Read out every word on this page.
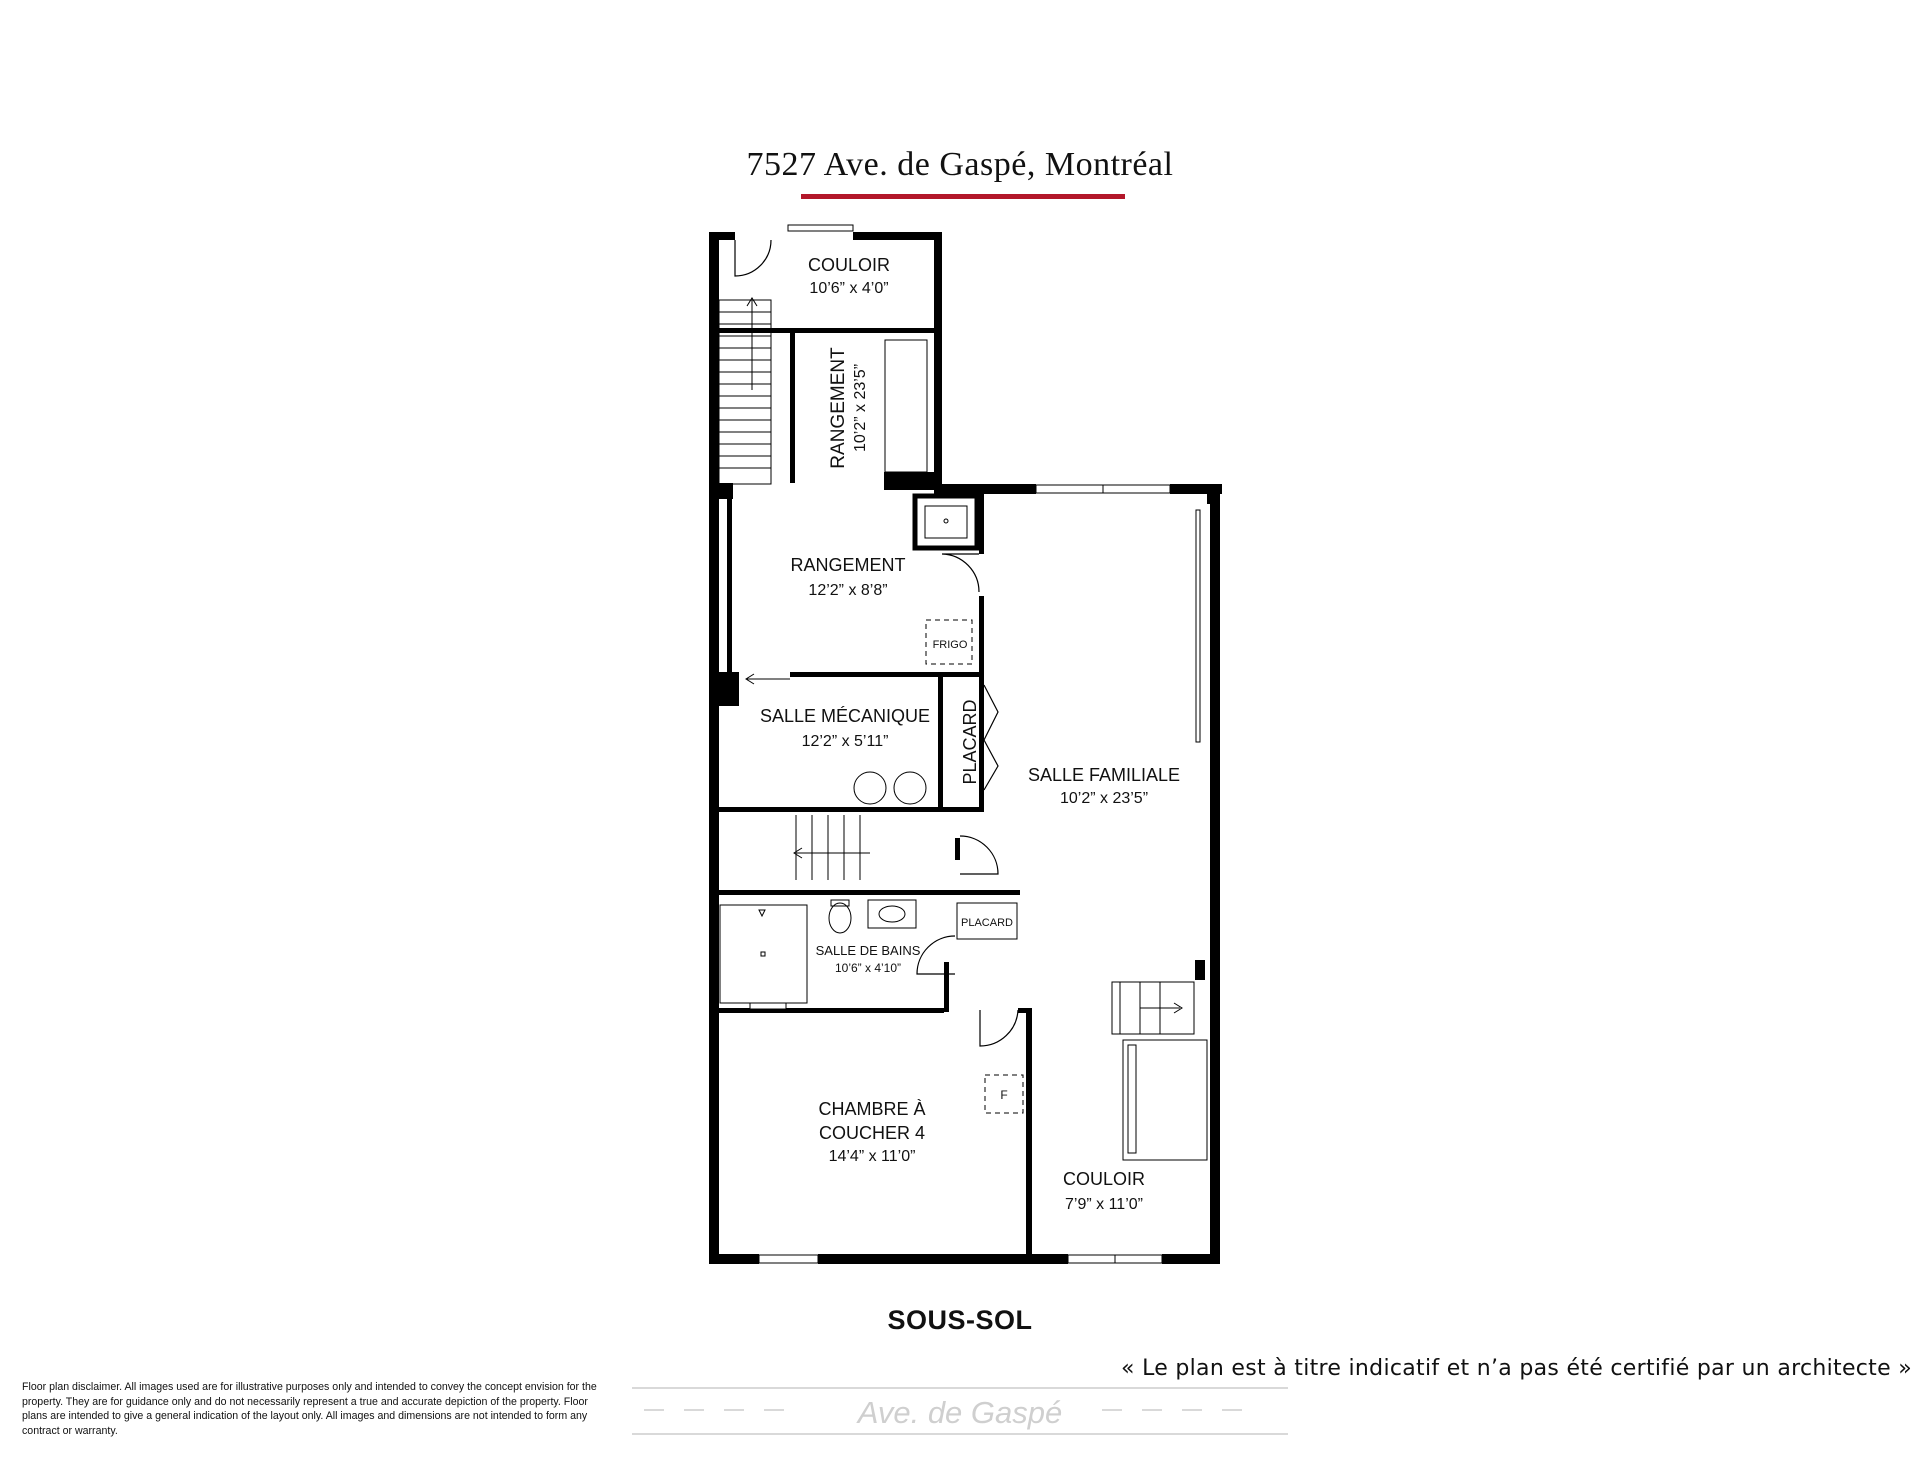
7527 Ave. de Gaspé, Montréal
COULOIR
10’6” x 4’0”
RANGEMENT 10’2” x 23’5”
RANGEMENT
12’2” x 8’8”
FRIGO
SALLE MÉCANIQUE
12’2” x 5’11”	PLACARD	SALLE FAMILIALE
10’2” x 23’5”
PLACARD
SALLE DE BAINS
10’6” x 4’10”
CHAMBRE À
COUCHER 4
14’4” x 11’0”
F
COULOIR
7’9” x 11’0”
SOUS-SOL
« Le plan est à titre indicatif et n’a pas été certifié par un architecte »
Floor plan disclaimer. All images used are for illustrative purposes only and intended to convey the concept envision for the property. They are for guidance only and do not necessarily represent a true and accurate depiction of the property. Floor plans are intended to give a general indication of the layout only. All images and dimensions are not intended to form any contract or warranty.
Ave. de Gaspé
